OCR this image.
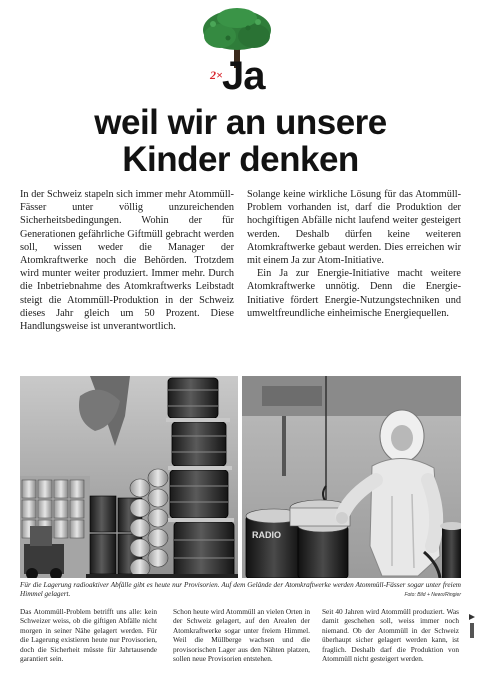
2× Ja
weil wir an unsere
Kinder denken

In der Schweiz stapeln sich immer mehr Atommüll-Fässer unter völlig unzureichenden Sicherheitsbedingungen. Wohin der für Generationen gefährliche Giftmüll gebracht werden soll, wissen weder die Manager der Atomkraftwerke noch die Behörden. Trotzdem wird munter weiter produziert. Immer mehr. Durch die Inbetriebnahme des Atomkraftwerks Leibstadt steigt die Atommüll-Produktion in der Schweiz dieses Jahr gleich um 50 Prozent. Diese Handlungsweise ist unverantwortlich.

Solange keine wirkliche Lösung für das Atommüll-Problem vorhanden ist, darf die Produktion der hochgiftigen Abfälle nicht laufend weiter gesteigert werden. Deshalb dürfen keine weiteren Atomkraftwerke gebaut werden. Dies erreichen wir mit einem Ja zur Atom-Initiative.

Ein Ja zur Energie-Initiative macht weitere Atomkraftwerke unnötig. Denn die Energie-Initiative fördert Energie-Nutzungstechniken und umweltfreundliche einheimische Energiequellen.

RADIO

Für die Lagerung radioaktiver Abfälle gibt es heute nur Provisorien. Auf dem Gelände der Atomkraftwerke werden Atommüll-Fässer sogar unter freiem Himmel gelagert.	Foto: Bild + News/Ringier

Das Atommüll-Problem betrifft uns alle: kein Schweizer weiss, ob die giftigen Abfälle nicht morgen in seiner Nähe gelagert werden. Für die Lagerung existieren heute nur Provisorien, doch die Sicherheit müsste für Jahrtausende garantiert sein.

Schon heute wird Atommüll an vielen Orten in der Schweiz gelagert, auf den Arealen der Atomkraftwerke sogar unter freiem Himmel. Weil die Müllberge wachsen und die provisorischen Lager aus den Nähten platzen, sollen neue Provisorien entstehen.

Seit 40 Jahren wird Atommüll produziert. Was damit geschehen soll, weiss immer noch niemand. Ob der Atommüll in der Schweiz überhaupt sicher gelagert werden kann, ist fraglich. Deshalb darf die Produktion von Atommüll nicht gesteigert werden.
